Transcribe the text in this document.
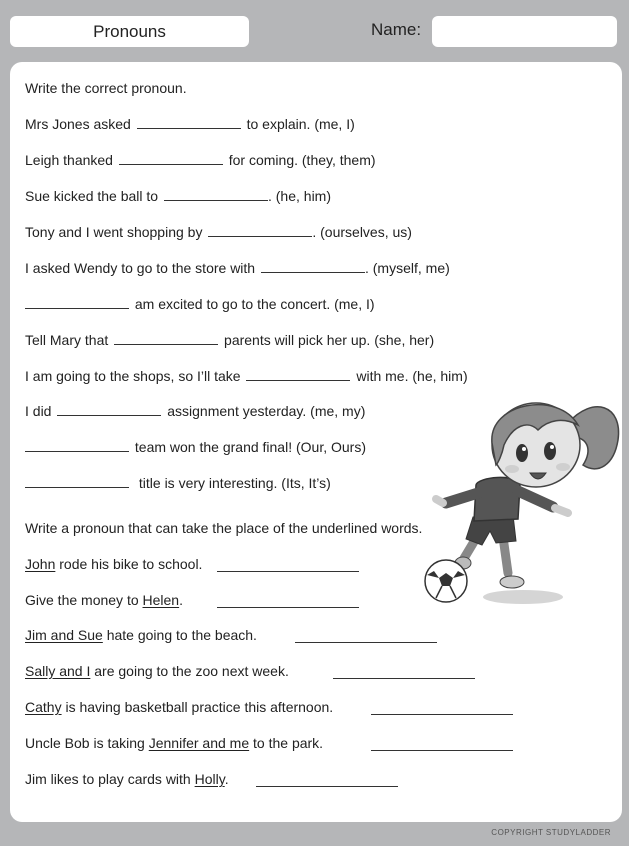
Pronouns	Name:
Write the correct pronoun.
Mrs Jones asked	to explain. (me, I)
Leigh thanked	for coming. (they, them)
Sue kicked the ball to	. (he, him)
Tony and I went shopping by	. (ourselves, us)
I asked Wendy to go to the store with	. (myself, me)
am excited to go to the concert. (me, I)
Tell Mary that	parents will pick her up. (she, her)
I am going to the shops, so I’ll take	with me. (he, him)
I did	assignment yesterday. (me, my)
team won the grand final! (Our, Ours)
title is very interesting. (Its, It’s)
Write a pronoun that can take the place of the underlined words.
John rode his bike to school.
Give the money to Helen.
Jim and Sue hate going to the beach.
Sally and I are going to the zoo next week.
Cathy is having basketball practice this afternoon.
Uncle Bob is taking Jennifer and me to the park.
Jim likes to play cards with Holly.
COPYRIGHT STUDYLADDER
